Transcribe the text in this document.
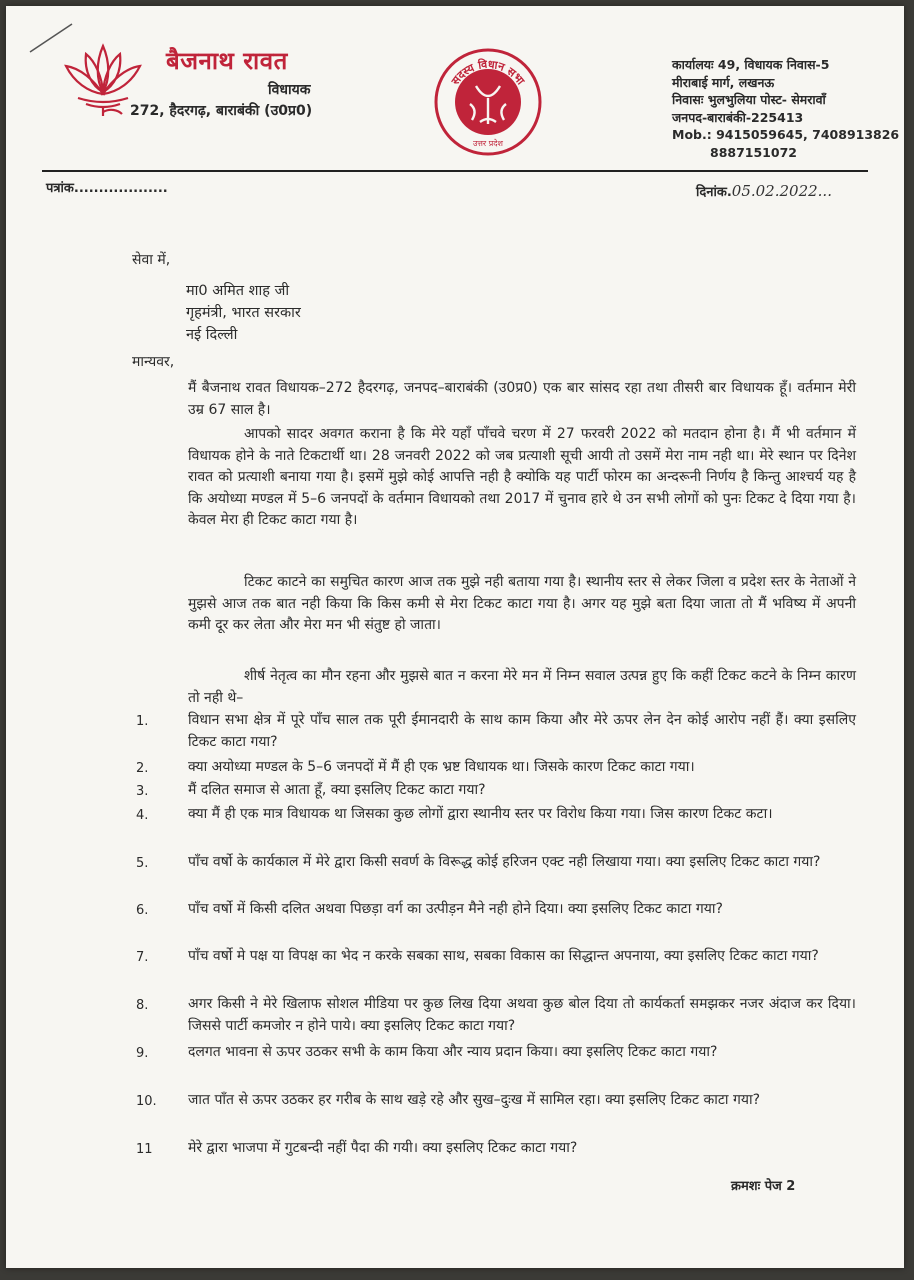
बैजनाथ रावत
विधायक
272, हैदरगढ़, बाराबंकी (उ0प्र0)
सदस्य विधान सभा
उत्तर प्रदेश
कार्यालयः 49, विधायक निवास-5
मीराबाई मार्ग, लखनऊ
निवासः भुलभुलिया पोस्ट- सेमरावाँ
जनपद-बाराबंकी-225413
Mob.: 9415059645, 7408913826
8887151072
पत्रांक...................	दिनांक.05.02.2022...
सेवा में,
मा0 अमित शाह जी
गृहमंत्री, भारत सरकार
नई दिल्ली
मान्यवर,
मैं बैजनाथ रावत विधायक–272 हैदरगढ़, जनपद–बाराबंकी (उ0प्र0) एक बार सांसद रहा तथा तीसरी बार विधायक हूँ। वर्तमान मेरी उम्र 67 साल है।
आपको सादर अवगत कराना है कि मेरे यहाँ पाँचवे चरण में 27 फरवरी 2022 को मतदान होना है। मैं भी वर्तमान में विधायक होने के नाते टिकटार्थी था। 28 जनवरी 2022 को जब प्रत्याशी सूची आयी तो उसमें मेरा नाम नही था। मेरे स्थान पर दिनेश रावत को प्रत्याशी बनाया गया है। इसमें मुझे कोई आपत्ति नही है क्योकि यह पार्टी फोरम का अन्दरूनी निर्णय है किन्तु आश्चर्य यह है कि अयोध्या मण्डल में 5–6 जनपदों के वर्तमान विधायको तथा 2017 में चुनाव हारे थे उन सभी लोगों को पुनः टिकट दे दिया गया है। केवल मेरा ही टिकट काटा गया है।
टिकट काटने का समुचित कारण आज तक मुझे नही बताया गया है। स्थानीय स्तर से लेकर जिला व प्रदेश स्तर के नेताओं ने मुझसे आज तक बात नही किया कि किस कमी से मेरा टिकट काटा गया है। अगर यह मुझे बता दिया जाता तो मैं भविष्य में अपनी कमी दूर कर लेता और मेरा मन भी संतुष्ट हो जाता।
शीर्ष नेतृत्व का मौन रहना और मुझसे बात न करना मेरे मन में निम्न सवाल उत्पन्न हुए कि कहीं टिकट कटने के निम्न कारण तो नही थे–
1.	विधान सभा क्षेत्र में पूरे पाँच साल तक पूरी ईमानदारी के साथ काम किया और मेरे ऊपर लेन देन कोई आरोप नहीं हैं। क्या इसलिए टिकट काटा गया?
2.	क्या अयोध्या मण्डल के 5–6 जनपदों में मैं ही एक भ्रष्ट विधायक था। जिसके कारण टिकट काटा गया।
3.	मैं दलित समाज से आता हूँ, क्या इसलिए टिकट काटा गया?
4.	क्या मैं ही एक मात्र विधायक था जिसका कुछ लोगों द्वारा स्थानीय स्तर पर विरोध किया गया। जिस कारण टिकट कटा।
5.	पाँच वर्षो के कार्यकाल में मेरे द्वारा किसी सवर्ण के विरूद्ध कोई हरिजन एक्ट नही लिखाया गया। क्या इसलिए टिकट काटा गया?
6.	पाँच वर्षो में किसी दलित अथवा पिछड़ा वर्ग का उत्पीड़न मैने नही होने दिया। क्या इसलिए टिकट काटा गया?
7.	पाँच वर्षो मे पक्ष या विपक्ष का भेद न करके सबका साथ, सबका विकास का सिद्धान्त अपनाया, क्या इसलिए टिकट काटा गया?
8.	अगर किसी ने मेरे खिलाफ सोशल मीडिया पर कुछ लिख दिया अथवा कुछ बोल दिया तो कार्यकर्ता समझकर नजर अंदाज कर दिया। जिससे पार्टी कमजोर न होने पाये। क्या इसलिए टिकट काटा गया?
9.	दलगत भावना से ऊपर उठकर सभी के काम किया और न्याय प्रदान किया। क्या इसलिए टिकट काटा गया?
10. जात पाँत से ऊपर उठकर हर गरीब के साथ खड़े रहे और सुख–दुःख में सामिल रहा। क्या इसलिए टिकट काटा गया?
11	मेरे द्वारा भाजपा में गुटबन्दी नहीं पैदा की गयी। क्या इसलिए टिकट काटा गया?
क्रमशः पेज 2
